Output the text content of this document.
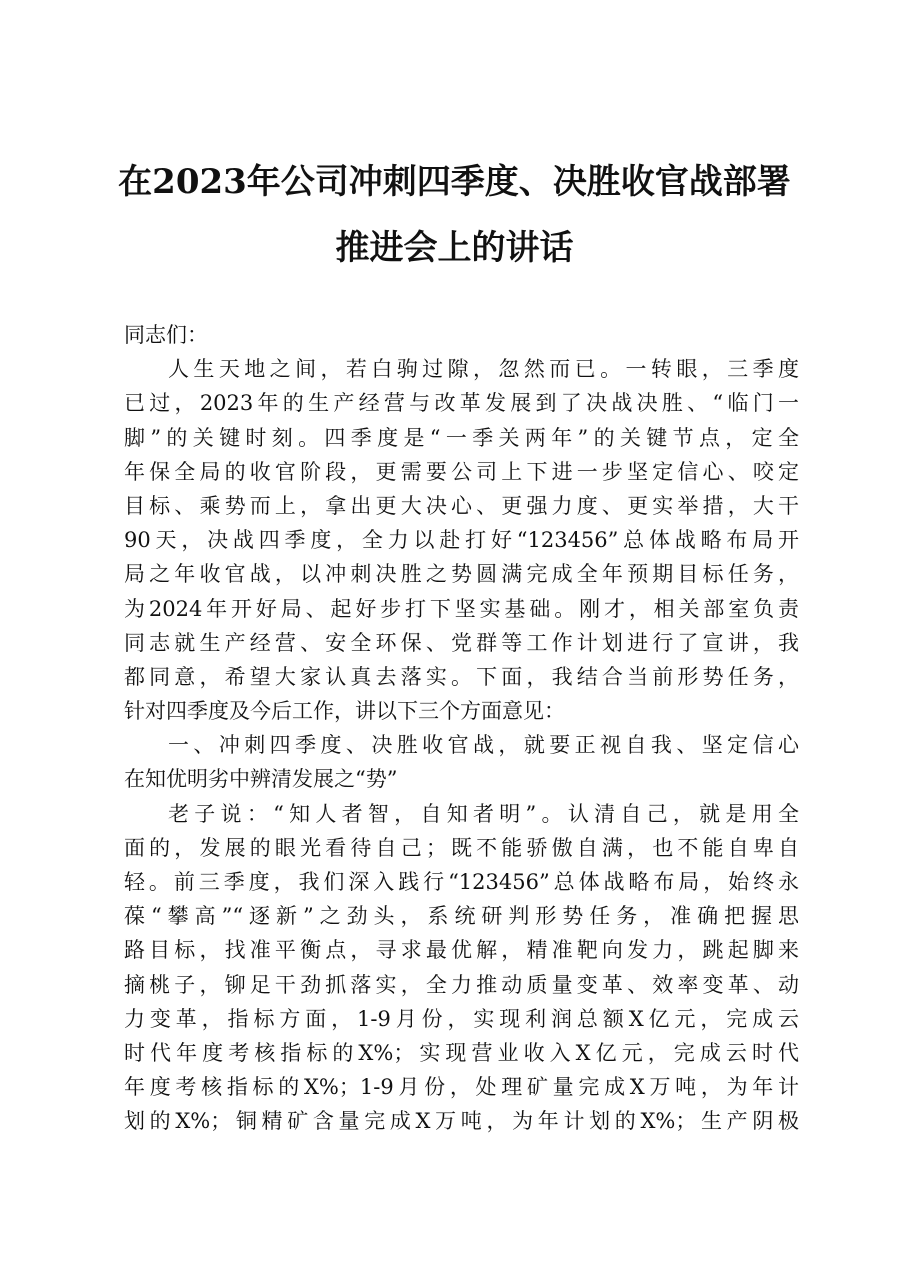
在2023年公司冲刺四季度、决胜收官战部署
推进会上的讲话
同志们：
人生天地之间，若白驹过隙，忽然而已。一转眼，三季度
已过，2023年的生产经营与改革发展到了决战决胜、“临门一
脚”的关键时刻。四季度是“一季关两年”的关键节点，定全
年保全局的收官阶段，更需要公司上下进一步坚定信心、咬定
目标、乘势而上，拿出更大决心、更强力度、更实举措，大干
90天，决战四季度，全力以赴打好“123456”总体战略布局开
局之年收官战，以冲刺决胜之势圆满完成全年预期目标任务，
为2024年开好局、起好步打下坚实基础。刚才，相关部室负责
同志就生产经营、安全环保、党群等工作计划进行了宣讲，我
都同意，希望大家认真去落实。下面，我结合当前形势任务，
针对四季度及今后工作，讲以下三个方面意见：
一、冲刺四季度、决胜收官战，就要正视自我、坚定信心
在知优明劣中辨清发展之“势”
老子说：“知人者智，自知者明”。认清自己，就是用全
面的，发展的眼光看待自己；既不能骄傲自满，也不能自卑自
轻。前三季度，我们深入践行“123456”总体战略布局，始终永
葆“攀高”“逐新”之劲头，系统研判形势任务，准确把握思
路目标，找准平衡点，寻求最优解，精准靶向发力，跳起脚来
摘桃子，铆足干劲抓落实，全力推动质量变革、效率变革、动
力变革，指标方面，1-9月份，实现利润总额X亿元，完成云
时代年度考核指标的X%；实现营业收入X亿元，完成云时代
年度考核指标的X%；1-9月份，处理矿量完成X万吨，为年计
划的X%；铜精矿含量完成X万吨，为年计划的X%；生产阴极
